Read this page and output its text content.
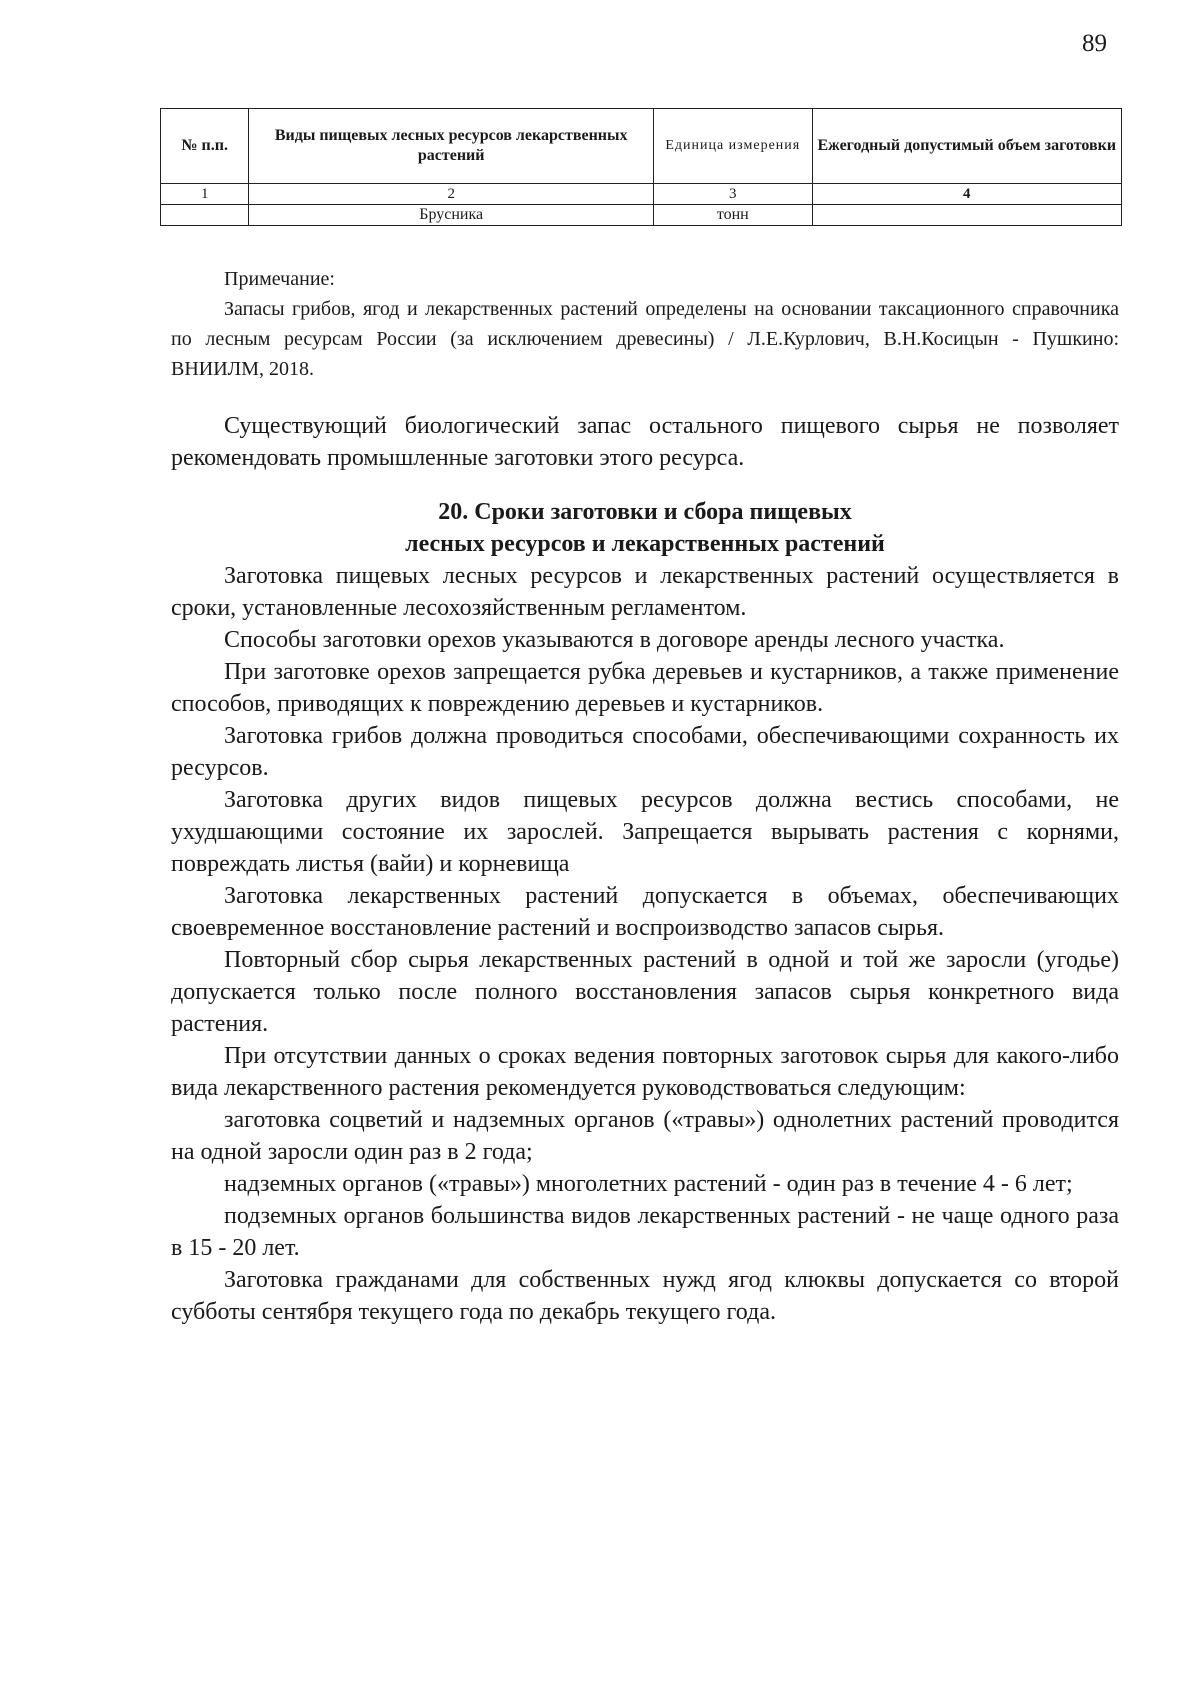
89
№ п.п.	Виды пищевых лесных ресурсов лекарственных растений	Единица измерения	Ежегодный допустимый объем заготовки
1	2	3	4
	Брусника	тонн	
Примечание:
Запасы грибов, ягод и лекарственных растений определены на основании таксационного справочника по лесным ресурсам России (за исключением древесины) / Л.Е.Курлович, В.Н.Косицын - Пушкино: ВНИИЛМ, 2018.

Существующий биологический запас остального пищевого сырья не позволяет рекомендовать промышленные заготовки этого ресурса.

20. Сроки заготовки и сбора пищевых
лесных ресурсов и лекарственных растений

Заготовка пищевых лесных ресурсов и лекарственных растений осуществляется в сроки, установленные лесохозяйственным регламентом.

Способы заготовки орехов указываются в договоре аренды лесного участка.

При заготовке орехов запрещается рубка деревьев и кустарников, а также применение способов, приводящих к повреждению деревьев и кустарников.

Заготовка грибов должна проводиться способами, обеспечивающими сохранность их ресурсов.

Заготовка других видов пищевых ресурсов должна вестись способами, не ухудшающими состояние их зарослей. Запрещается вырывать растения с корнями, повреждать листья (вайи) и корневища

Заготовка лекарственных растений допускается в объемах, обеспечивающих своевременное восстановление растений и воспроизводство запасов сырья.

Повторный сбор сырья лекарственных растений в одной и той же заросли (угодье) допускается только после полного восстановления запасов сырья конкретного вида растения.

При отсутствии данных о сроках ведения повторных заготовок сырья для какого-либо вида лекарственного растения рекомендуется руководствоваться следующим:

заготовка соцветий и надземных органов («травы») однолетних растений проводится на одной заросли один раз в 2 года;

надземных органов («травы») многолетних растений - один раз в течение 4 - 6 лет;

подземных органов большинства видов лекарственных растений - не чаще одного раза в 15 - 20 лет.

Заготовка гражданами для собственных нужд ягод клюквы допускается со второй субботы сентября текущего года по декабрь текущего года.
